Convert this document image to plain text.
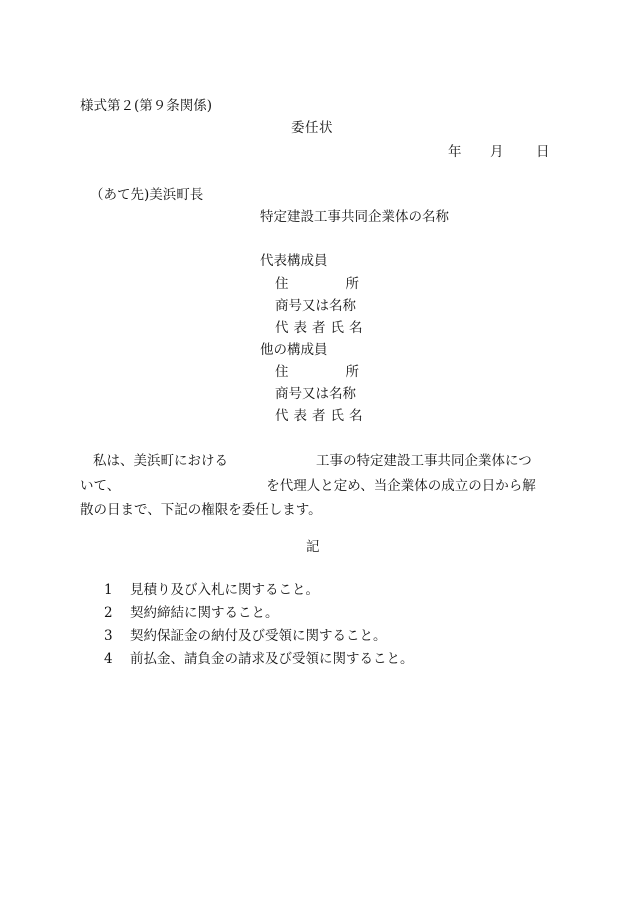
様式第２(第９条関係)
委任状
年	月	日
（あて先)美浜町長
特定建設工事共同企業体の名称
代表構成員
住	所
商号又は名称
代表者氏名
他の構成員
住	所
商号又は名称
代表者氏名
私は、美浜町における	工事の特定建設工事共同企業体につ
いて、	を代理人と定め、当企業体の成立の日から解
散の日まで、下記の権限を委任します。
記
1	見積り及び入札に関すること。
2	契約締結に関すること。
3	契約保証金の納付及び受領に関すること。
4	前払金、請負金の請求及び受領に関すること。
